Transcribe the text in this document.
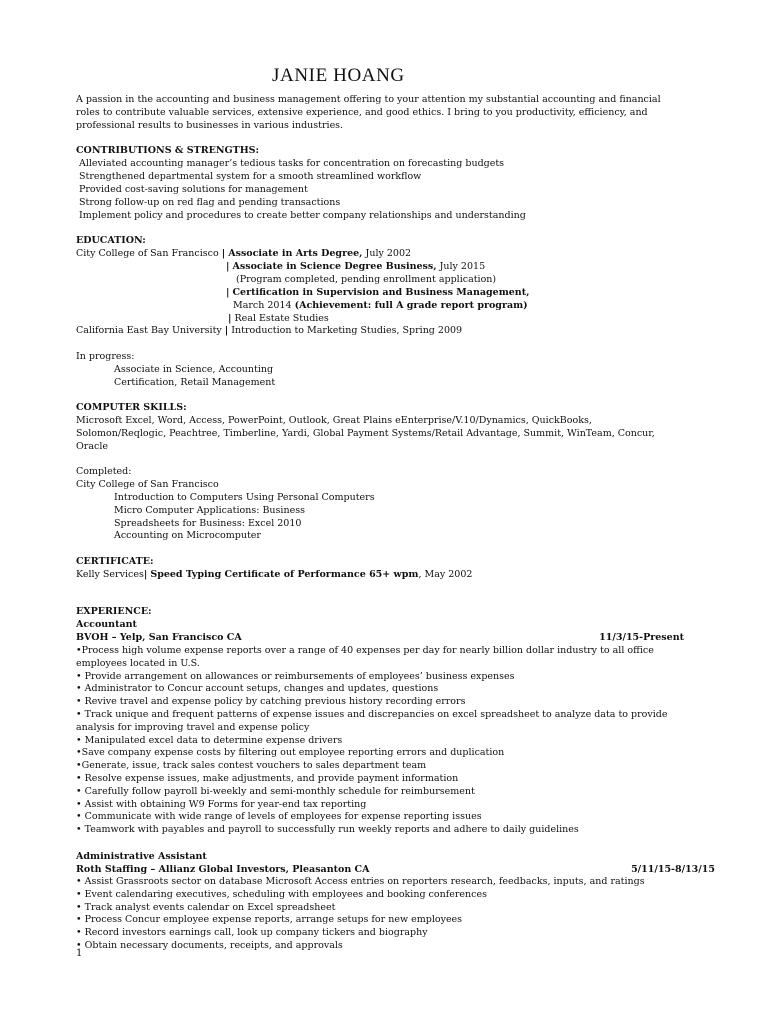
JANIE HOANG
A passion in the accounting and business management offering to your attention my substantial accounting and financial
roles to contribute valuable services, extensive experience, and good ethics. I bring to you productivity, efficiency, and
professional results to businesses in various industries.
CONTRIBUTIONS & STRENGTHS:
Alleviated accounting manager’s tedious tasks for concentration on forecasting budgets
Strengthened departmental system for a smooth streamlined workflow
Provided cost-saving solutions for management
Strong follow-up on red flag and pending transactions
Implement policy and procedures to create better company relationships and understanding
EDUCATION:
City College of San Francisco | Associate in Arts Degree, July 2002
| Associate in Science Degree Business, July 2015
(Program completed, pending enrollment application)
| Certification in Supervision and Business Management,
March 2014 (Achievement: full A grade report program)
| Real Estate Studies
California East Bay University | Introduction to Marketing Studies, Spring 2009
In progress:
Associate in Science, Accounting
Certification, Retail Management
COMPUTER SKILLS:
Microsoft Excel, Word, Access, PowerPoint, Outlook, Great Plains eEnterprise/V.10/Dynamics, QuickBooks,
Solomon/Reqlogic, Peachtree, Timberline, Yardi, Global Payment Systems/Retail Advantage, Summit, WinTeam, Concur,
Oracle
Completed:
City College of San Francisco
Introduction to Computers Using Personal Computers
Micro Computer Applications: Business
Spreadsheets for Business: Excel 2010
Accounting on Microcomputer
CERTIFICATE:
Kelly Services| Speed Typing Certificate of Performance 65+ wpm, May 2002
EXPERIENCE:
Accountant
BVOH – Yelp, San Francisco CA	11/3/15-Present
•Process high volume expense reports over a range of 40 expenses per day for nearly billion dollar industry to all office
employees located in U.S.
• Provide arrangement on allowances or reimbursements of employees’ business expenses
• Administrator to Concur account setups, changes and updates, questions
• Revive travel and expense policy by catching previous history recording errors
• Track unique and frequent patterns of expense issues and discrepancies on excel spreadsheet to analyze data to provide
analysis for improving travel and expense policy
• Manipulated excel data to determine expense drivers
•Save company expense costs by filtering out employee reporting errors and duplication
•Generate, issue, track sales contest vouchers to sales department team
• Resolve expense issues, make adjustments, and provide payment information
• Carefully follow payroll bi-weekly and semi-monthly schedule for reimbursement
• Assist with obtaining W9 Forms for year-end tax reporting
• Communicate with wide range of levels of employees for expense reporting issues
• Teamwork with payables and payroll to successfully run weekly reports and adhere to daily guidelines
Administrative Assistant
Roth Staffing – Allianz Global Investors, Pleasanton CA	5/11/15-8/13/15
• Assist Grassroots sector on database Microsoft Access entries on reporters research, feedbacks, inputs, and ratings
• Event calendaring executives, scheduling with employees and booking conferences
• Track analyst events calendar on Excel spreadsheet
• Process Concur employee expense reports, arrange setups for new employees
• Record investors earnings call, look up company tickers and biography
• Obtain necessary documents, receipts, and approvals
1
